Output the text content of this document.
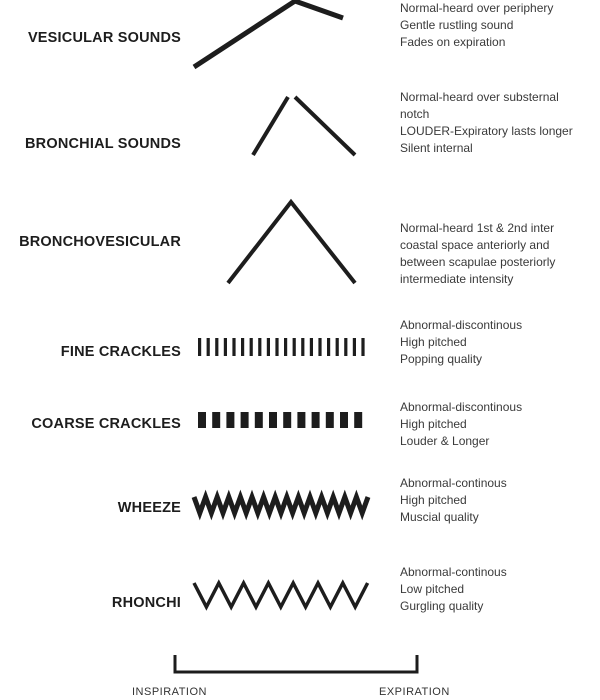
VESICULAR SOUNDS
Normal-heard over periphery
Gentle rustling sound
Fades on expiration
BRONCHIAL SOUNDS
Normal-heard over substernal
notch
LOUDER-Expiratory lasts longer
Silent internal
BRONCHOVESICULAR
Normal-heard 1st & 2nd inter
coastal space anteriorly and
between scapulae posteriorly
intermediate intensity
FINE CRACKLES
Abnormal-discontinous
High pitched
Popping quality
COARSE CRACKLES
Abnormal-discontinous
High pitched
Louder & Longer
WHEEZE
Abnormal-continous
High pitched
Muscial quality
RHONCHI
Abnormal-continous
Low pitched
Gurgling quality
INSPIRATION	EXPIRATION
